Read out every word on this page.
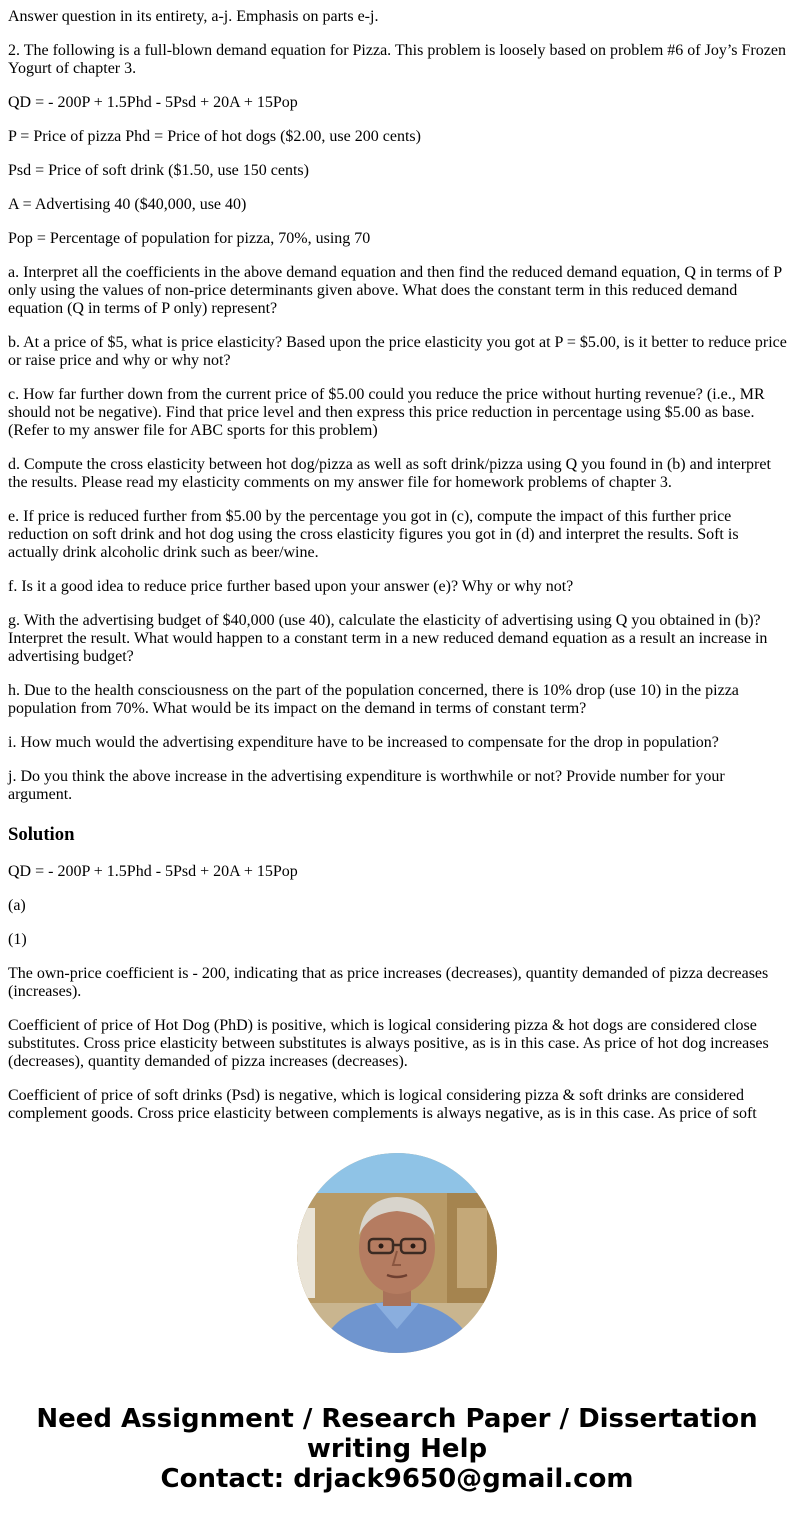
Answer question in its entirety, a-j. Emphasis on parts e-j.

2. The following is a full-blown demand equation for Pizza. This problem is loosely based on problem #6 of Joy’s Frozen Yogurt of chapter 3.

QD = - 200P + 1.5Phd - 5Psd + 20A + 15Pop

P = Price of pizza Phd = Price of hot dogs ($2.00, use 200 cents)

Psd = Price of soft drink ($1.50, use 150 cents)

A = Advertising 40 ($40,000, use 40)

Pop = Percentage of population for pizza, 70%, using 70

a. Interpret all the coefficients in the above demand equation and then find the reduced demand equation, Q in terms of P only using the values of non-price determinants given above. What does the constant term in this reduced demand equation (Q in terms of P only) represent?

b. At a price of $5, what is price elasticity? Based upon the price elasticity you got at P = $5.00, is it better to reduce price or raise price and why or why not?

c. How far further down from the current price of $5.00 could you reduce the price without hurting revenue? (i.e., MR should not be negative). Find that price level and then express this price reduction in percentage using $5.00 as base. (Refer to my answer file for ABC sports for this problem)

d. Compute the cross elasticity between hot dog/pizza as well as soft drink/pizza using Q you found in (b) and interpret the results. Please read my elasticity comments on my answer file for homework problems of chapter 3.

e. If price is reduced further from $5.00 by the percentage you got in (c), compute the impact of this further price reduction on soft drink and hot dog using the cross elasticity figures you got in (d) and interpret the results. Soft is actually drink alcoholic drink such as beer/wine.

f. Is it a good idea to reduce price further based upon your answer (e)? Why or why not?

g. With the advertising budget of $40,000 (use 40), calculate the elasticity of advertising using Q you obtained in (b)? Interpret the result. What would happen to a constant term in a new reduced demand equation as a result an increase in advertising budget?

h. Due to the health consciousness on the part of the population concerned, there is 10% drop (use 10) in the pizza population from 70%. What would be its impact on the demand in terms of constant term?

i. How much would the advertising expenditure have to be increased to compensate for the drop in population?

j. Do you think the above increase in the advertising expenditure is worthwhile or not? Provide number for your argument.

Solution

QD = - 200P + 1.5Phd - 5Psd + 20A + 15Pop

(a)

(1)

The own-price coefficient is - 200, indicating that as price increases (decreases), quantity demanded of pizza decreases (increases).

Coefficient of price of Hot Dog (PhD) is positive, which is logical considering pizza & hot dogs are considered close substitutes. Cross price elasticity between substitutes is always positive, as is in this case. As price of hot dog increases (decreases), quantity demanded of pizza increases (decreases).

Coefficient of price of soft drinks (Psd) is negative, which is logical considering pizza & soft drinks are considered complement goods. Cross price elasticity between complements is always negative, as is in this case. As price of soft

Need Assignment / Research Paper / Dissertation
writing Help
Contact: drjack9650@gmail.com
